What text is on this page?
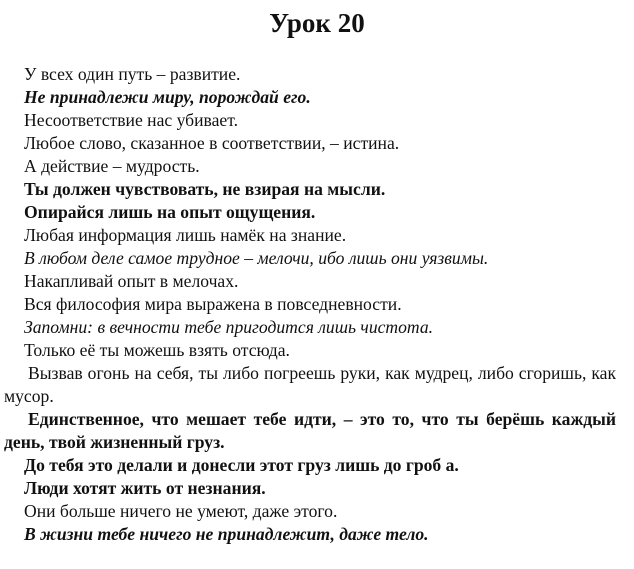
Урок 20

У всех один путь – развитие.

Не принадлежи миру, порождай его.

Несоответствие нас убивает.

Любое слово, сказанное в соответствии, – истина.

А действие – мудрость.

Ты должен чувствовать, не взирая на мысли.

Опирайся лишь на опыт ощущения.

Любая информация лишь намёк на знание.

В любом деле самое трудное – мелочи, ибо лишь они уязвимы.

Накапливай опыт в мелочах.

Вся философия мира выражена в повседневности.

Запомни: в вечности тебе пригодится лишь чистота.

Только её ты можешь взять отсюда.

Вызвав огонь на себя, ты либо погреешь руки, как мудрец, либо сгоришь, как мусор.

Единственное, что мешает тебе идти, – это то, что ты берёшь каждый день, твой жизненный груз.

До тебя это делали и донесли этот груз лишь до гроб а.

Люди хотят жить от незнания.

Они больше ничего не умеют, даже этого.

В жизни тебе ничего не принадлежит, даже тело.
